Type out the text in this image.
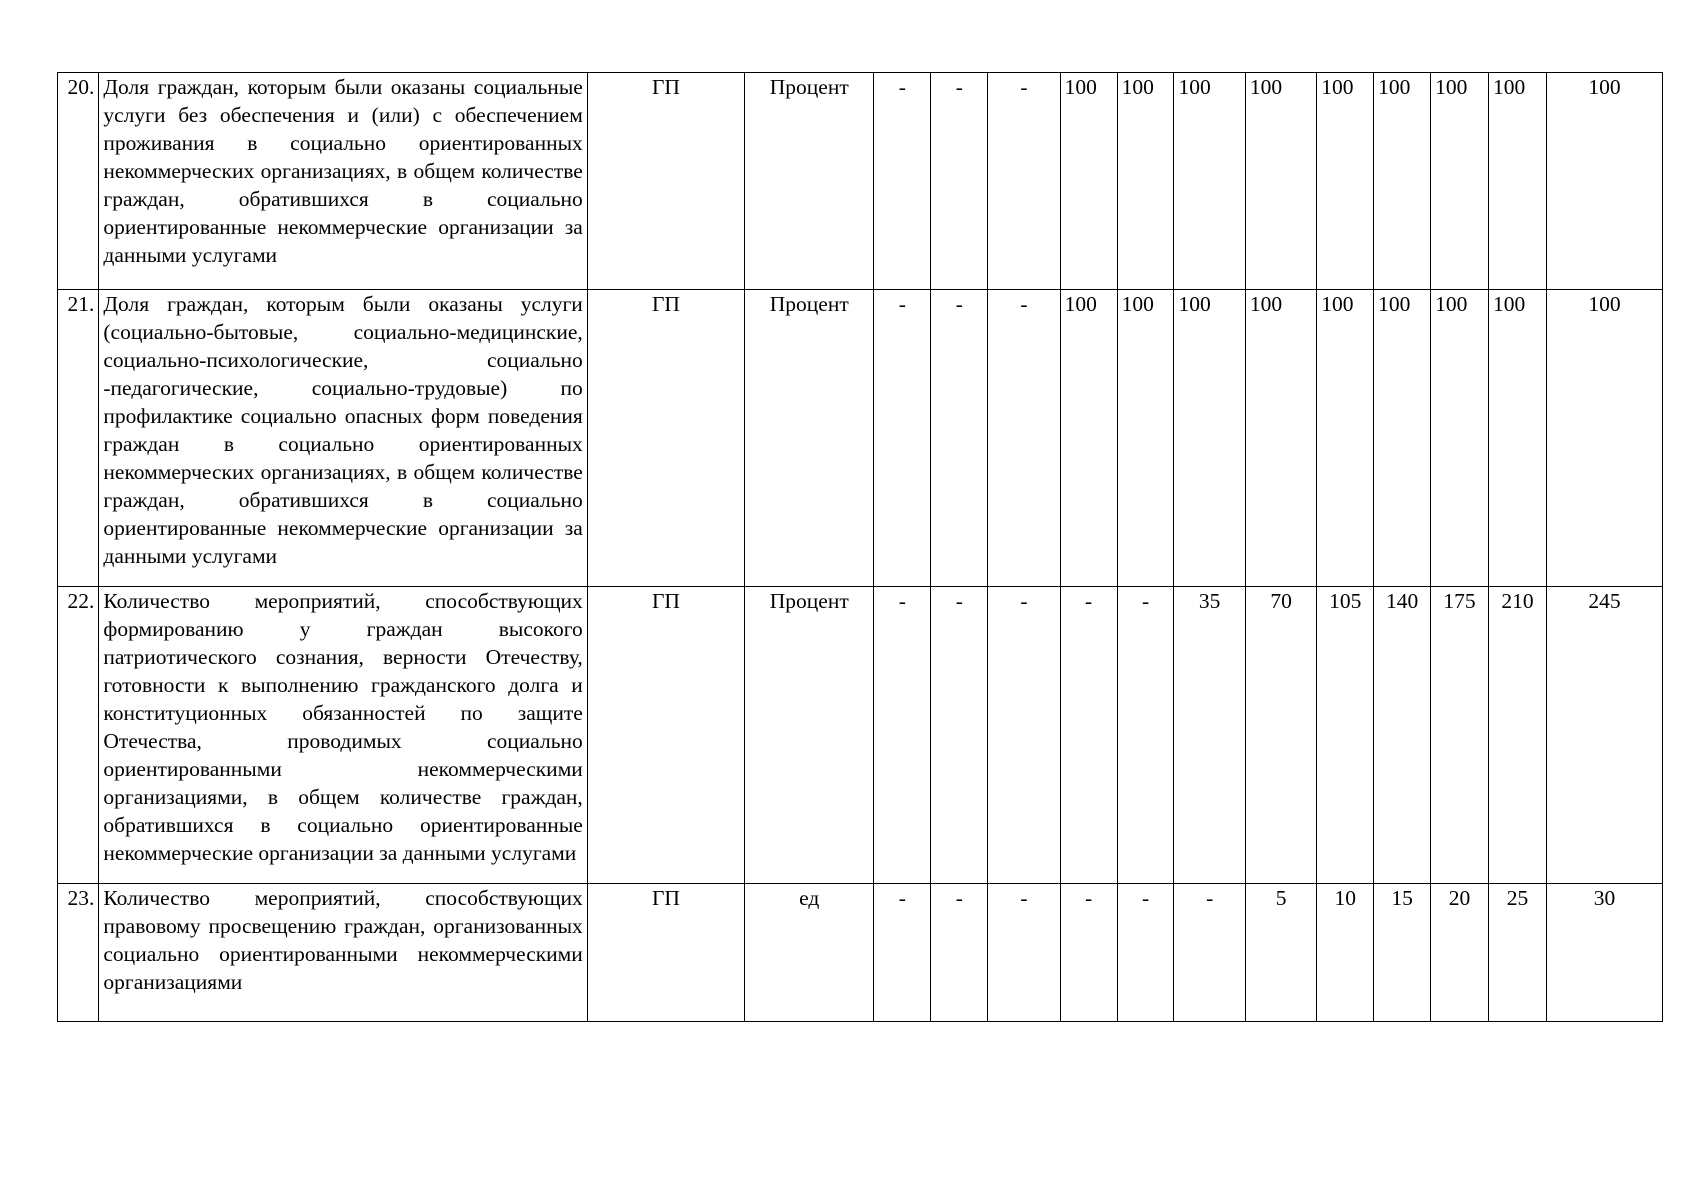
20.	Доля граждан, которым были оказаны социальные услуги без обеспечения и (или) с обеспечением проживания в социально ориентированных некоммерческих организациях, в общем количестве граждан, обратившихся в социально ориентированные некоммерческие организации за данными услугами	ГП	Процент	-	-	-	100	100	100	100	100	100	100	100	100
21.	Доля граждан, которым были оказаны услуги (социально-бытовые, социально-медицинские, социально-психологические, социально -педагогические, социально-трудовые) по профилактике социально опасных форм поведения граждан в социально ориентированных некоммерческих организациях, в общем количестве граждан, обратившихся в социально ориентированные некоммерческие организации за данными услугами	ГП	Процент	-	-	-	100	100	100	100	100	100	100	100	100
22.	Количество мероприятий, способствующих формированию у граждан высокого патриотического сознания, верности Отечеству, готовности к выполнению гражданского долга и конституционных обязанностей по защите Отечества, проводимых социально ориентированными некоммерческими организациями, в общем количестве граждан, обратившихся в социально ориентированные некоммерческие организации за данными услугами	ГП	Процент	-	-	-	-	-	35	70	105	140	175	210	245
23.	Количество мероприятий, способствующих правовому просвещению граждан, организованных социально ориентированными некоммерческими организациями	ГП	ед	-	-	-	-	-	-	5	10	15	20	25	30
